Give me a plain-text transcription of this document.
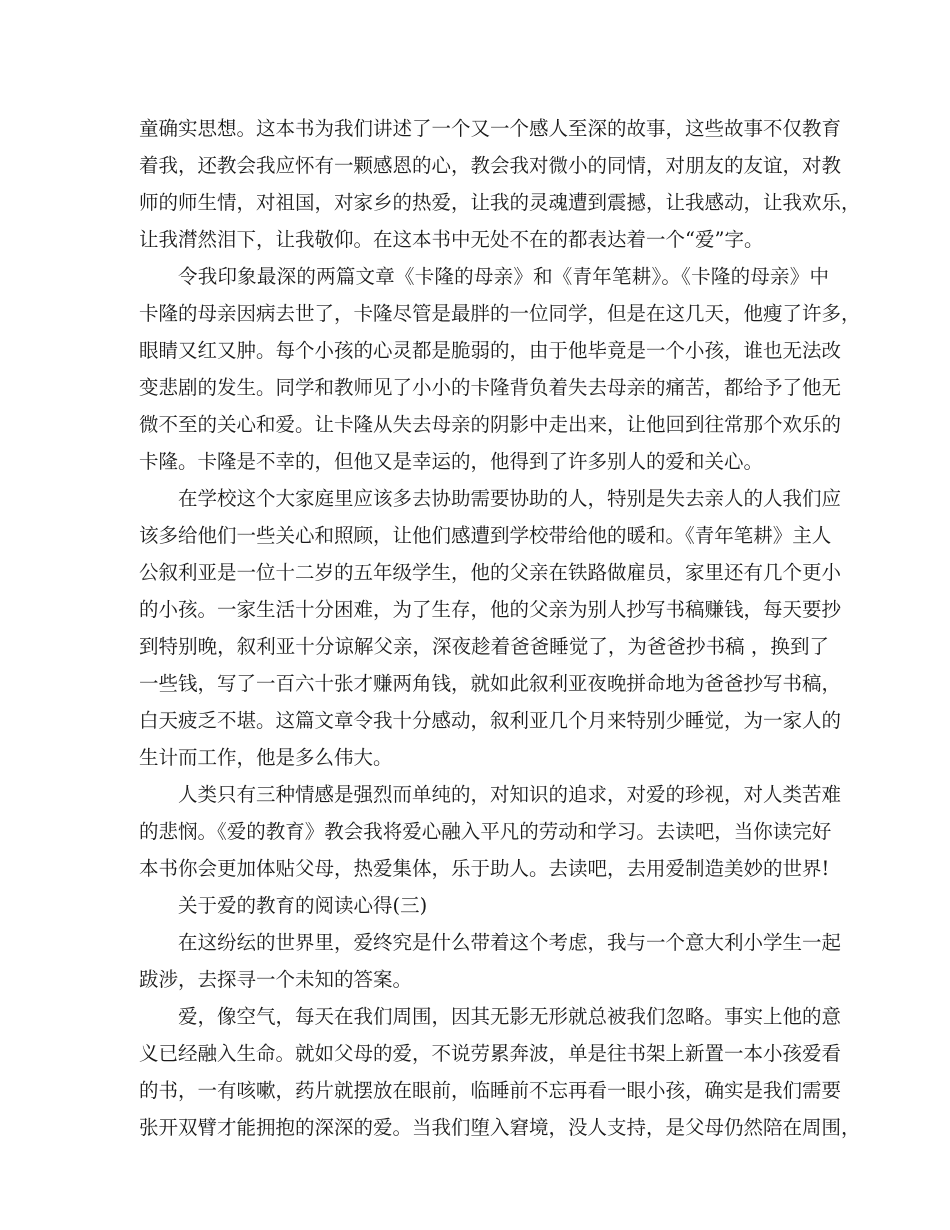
童确实思想。这本书为我们讲述了一个又一个感人至深的故事，这些故事不仅教育
着我，还教会我应怀有一颗感恩的心，教会我对微小的同情，对朋友的友谊，对教
师的师生情，对祖国，对家乡的热爱，让我的灵魂遭到震撼，让我感动，让我欢乐，
让我潸然泪下，让我敬仰。在这本书中无处不在的都表达着一个“爱”字。
令我印象最深的两篇文章《卡隆的母亲》和《青年笔耕》。《卡隆的母亲》中
卡隆的母亲因病去世了，卡隆尽管是最胖的一位同学，但是在这几天，他瘦了许多，
眼睛又红又肿。每个小孩的心灵都是脆弱的，由于他毕竟是一个小孩，谁也无法改
变悲剧的发生。同学和教师见了小小的卡隆背负着失去母亲的痛苦，都给予了他无
微不至的关心和爱。让卡隆从失去母亲的阴影中走出来，让他回到往常那个欢乐的
卡隆。卡隆是不幸的，但他又是幸运的，他得到了许多别人的爱和关心。
在学校这个大家庭里应该多去协助需要协助的人，特别是失去亲人的人我们应
该多给他们一些关心和照顾，让他们感遭到学校带给他的暖和。《青年笔耕》主人
公叙利亚是一位十二岁的五年级学生，他的父亲在铁路做雇员，家里还有几个更小
的小孩。一家生活十分困难，为了生存，他的父亲为别人抄写书稿赚钱，每天要抄
到特别晚，叙利亚十分谅解父亲，深夜趁着爸爸睡觉了，为爸爸抄书稿 ，换到了
一些钱，写了一百六十张才赚两角钱，就如此叙利亚夜晚拼命地为爸爸抄写书稿，
白天疲乏不堪。这篇文章令我十分感动，叙利亚几个月来特别少睡觉，为一家人的
生计而工作，他是多么伟大。
人类只有三种情感是强烈而单纯的，对知识的追求，对爱的珍视，对人类苦难
的悲悯。《爱的教育》教会我将爱心融入平凡的劳动和学习。去读吧，当你读完好
本书你会更加体贴父母，热爱集体，乐于助人。去读吧，去用爱制造美妙的世界!
关于爱的教育的阅读心得(三)
在这纷纭的世界里，爱终究是什么带着这个考虑，我与一个意大利小学生一起
跋涉，去探寻一个未知的答案。
爱，像空气，每天在我们周围，因其无影无形就总被我们忽略。事实上他的意
义已经融入生命。就如父母的爱，不说劳累奔波，单是往书架上新置一本小孩爱看
的书，一有咳嗽，药片就摆放在眼前，临睡前不忘再看一眼小孩，确实是我们需要
张开双臂才能拥抱的深深的爱。当我们堕入窘境，没人支持，是父母仍然陪在周围，
